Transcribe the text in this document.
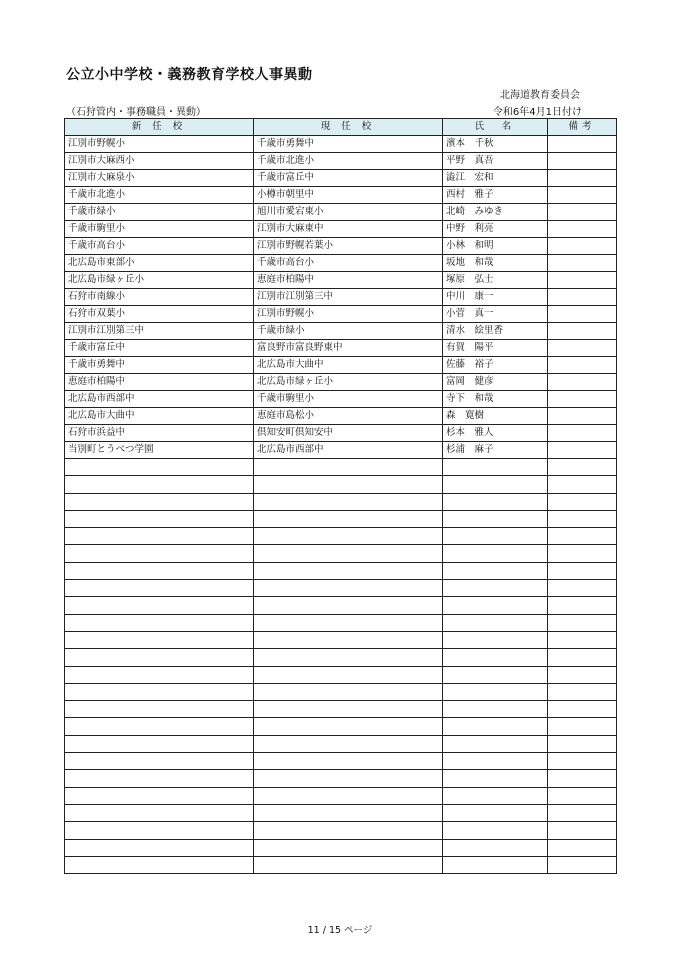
公立小中学校・義務教育学校人事異動
北海道教育委員会
（石狩管内・事務職員・異動）	令和6年4月1日付け
新 任 校	現 任 校	氏　名	備考
江別市野幌小	千歳市勇舞中	濱本　千秋	
江別市大麻西小	千歳市北進小	平野　真吾	
江別市大麻泉小	千歳市富丘中	澁江　宏和	
千歳市北進小	小樽市朝里中	西村　雅子	
千歳市緑小	旭川市愛宕東小	北崎　みゆき	
千歳市駒里小	江別市大麻東中	中野　利亮	
千歳市高台小	江別市野幌若葉小	小林　和明	
北広島市東部小	千歳市高台小	坂地　和哉	
北広島市緑ヶ丘小	恵庭市柏陽中	塚原　弘士	
石狩市南線小	江別市江別第三中	中川　康一	
石狩市双葉小	江別市野幌小	小菅　真一	
江別市江別第三中	千歳市緑小	清水　絵里香	
千歳市富丘中	富良野市富良野東中	有賀　陽平	
千歳市勇舞中	北広島市大曲中	佐藤　裕子	
恵庭市柏陽中	北広島市緑ヶ丘小	富岡　健彦	
北広島市西部中	千歳市駒里小	寺下　和哉	
北広島市大曲中	恵庭市島松小	森　寛樹	
石狩市浜益中	倶知安町倶知安中	杉本　雅人	
当別町とうべつ学園	北広島市西部中	杉浦　麻子	

11 / 15 ページ
